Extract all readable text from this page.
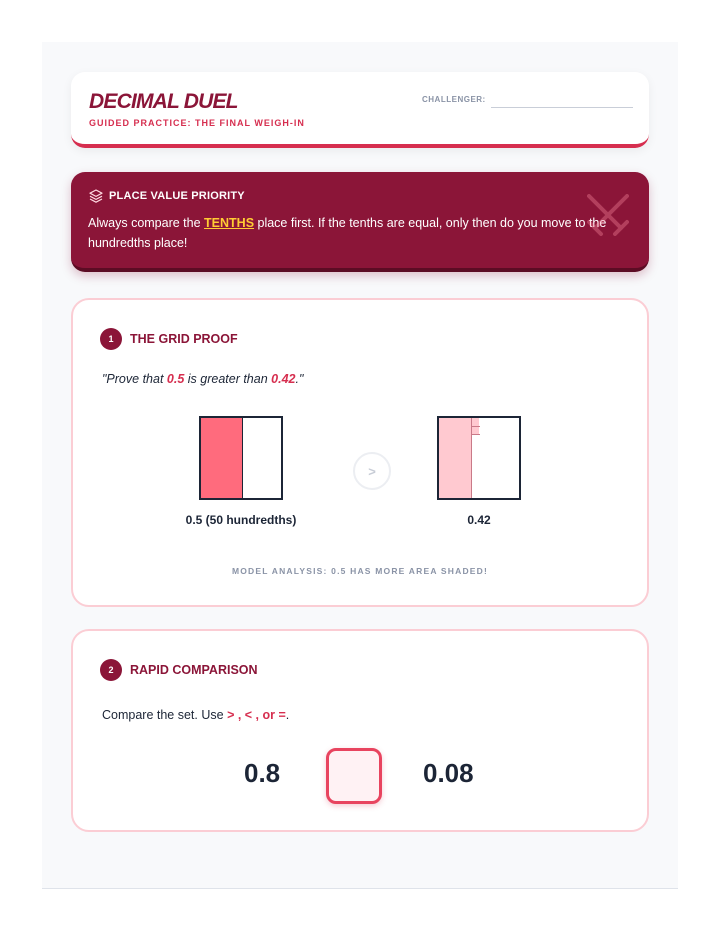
DECIMAL DUEL
GUIDED PRACTICE: THE FINAL WEIGH-IN
CHALLENGER:
PLACE VALUE PRIORITY
Always compare the TENTHS place first. If the tenths are equal, only then do you move to the hundredths place!
1	THE GRID PROOF
"Prove that 0.5 is greater than 0.42."
>
0.5 (50 hundredths)	0.42
MODEL ANALYSIS: 0.5 HAS MORE AREA SHADED!
2	RAPID COMPARISON
Compare the set. Use > , < , or =.
0.8	0.08
